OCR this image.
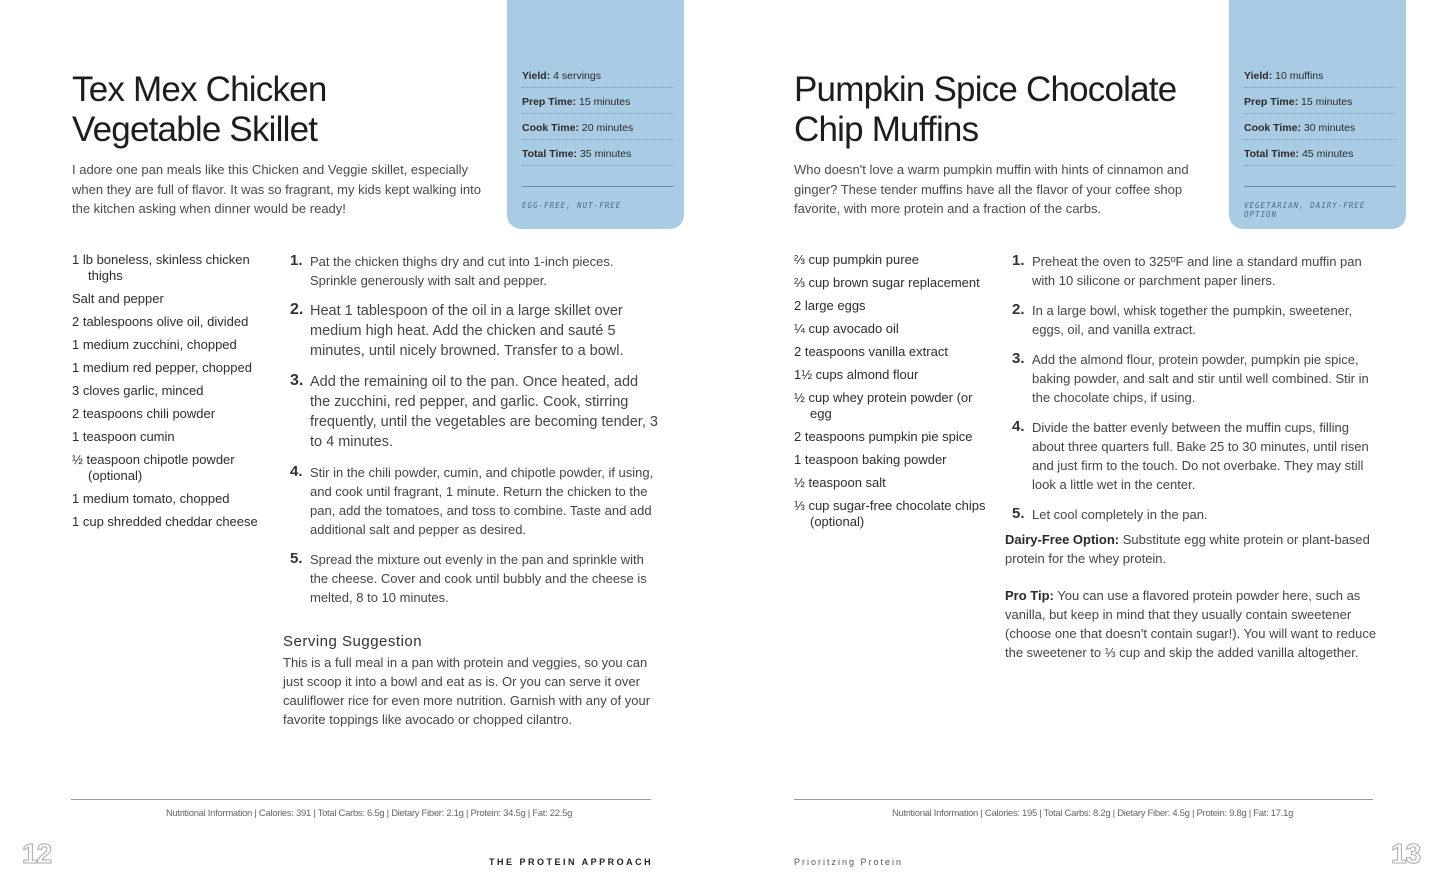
Yield: 4 servings
Prep Time: 15 minutes
Cook Time: 20 minutes
Total Time: 35 minutes
EGG-FREE, NUT-FREE
Tex Mex Chicken
Vegetable Skillet

I adore one pan meals like this Chicken and Veggie skillet, especially when they are full of flavor. It was so fragrant, my kids kept walking into the kitchen asking when dinner would be ready!

1 lb boneless, skinless chicken thighs
Salt and pepper
2 tablespoons olive oil, divided
1 medium zucchini, chopped
1 medium red pepper, chopped
3 cloves garlic, minced
2 teaspoons chili powder
1 teaspoon cumin
½ teaspoon chipotle powder (optional)
1 medium tomato, chopped
1 cup shredded cheddar cheese
1. Pat the chicken thighs dry and cut into 1-inch pieces. Sprinkle generously with salt and pepper.
2. Heat 1 tablespoon of the oil in a large skillet over medium high heat. Add the chicken and sauté 5 minutes, until nicely browned. Transfer to a bowl.
3. Add the remaining oil to the pan. Once heated, add the zucchini, red pepper, and garlic. Cook, stirring frequently, until the vegetables are becoming tender, 3 to 4 minutes.
4. Stir in the chili powder, cumin, and chipotle powder, if using, and cook until fragrant, 1 minute. Return the chicken to the pan, add the tomatoes, and toss to combine. Taste and add additional salt and pepper as desired.
5. Spread the mixture out evenly in the pan and sprinkle with the cheese. Cover and cook until bubbly and the cheese is melted, 8 to 10 minutes.
Serving Suggestion
This is a full meal in a pan with protein and veggies, so you can just scoop it into a bowl and eat as is. Or you can serve it over cauliflower rice for even more nutrition. Garnish with any of your favorite toppings like avocado or chopped cilantro.
Nutritional Information | Calories: 391 | Total Carbs: 6.5g | Dietary Fiber: 2.1g | Protein: 34.5g | Fat: 22.5g
12	THE PROTEIN APPROACH
Yield: 10 muffins
Prep Time: 15 minutes
Cook Time: 30 minutes
Total Time: 45 minutes
VEGETARIAN, DAIRY-FREE OPTION
Pumpkin Spice Chocolate
Chip Muffins

Who doesn't love a warm pumpkin muffin with hints of cinnamon and ginger? These tender muffins have all the flavor of your coffee shop favorite, with more protein and a fraction of the carbs.

⅔ cup pumpkin puree
⅔ cup brown sugar replacement
2 large eggs
¼ cup avocado oil
2 teaspoons vanilla extract
1½ cups almond flour
½ cup whey protein powder (or egg
2 teaspoons pumpkin pie spice
1 teaspoon baking powder
½ teaspoon salt
⅓ cup sugar-free chocolate chips (optional)
1. Preheat the oven to 325ºF and line a standard muffin pan with 10 silicone or parchment paper liners.
2. In a large bowl, whisk together the pumpkin, sweetener, eggs, oil, and vanilla extract.
3. Add the almond flour, protein powder, pumpkin pie spice, baking powder, and salt and stir until well combined. Stir in the chocolate chips, if using.
4. Divide the batter evenly between the muffin cups, filling about three quarters full. Bake 25 to 30 minutes, until risen and just firm to the touch. Do not overbake. They may still look a little wet in the center.
5. Let cool completely in the pan.
Dairy-Free Option: Substitute egg white protein or plant-based protein for the whey protein.
Pro Tip: You can use a flavored protein powder here, such as vanilla, but keep in mind that they usually contain sweetener (choose one that doesn't contain sugar!). You will want to reduce the sweetener to ⅓ cup and skip the added vanilla altogether.
Nutritional Information | Calories: 195 | Total Carbs: 8.2g | Dietary Fiber: 4.5g | Protein: 9.8g | Fat: 17.1g
13
Prioritzing Protein
